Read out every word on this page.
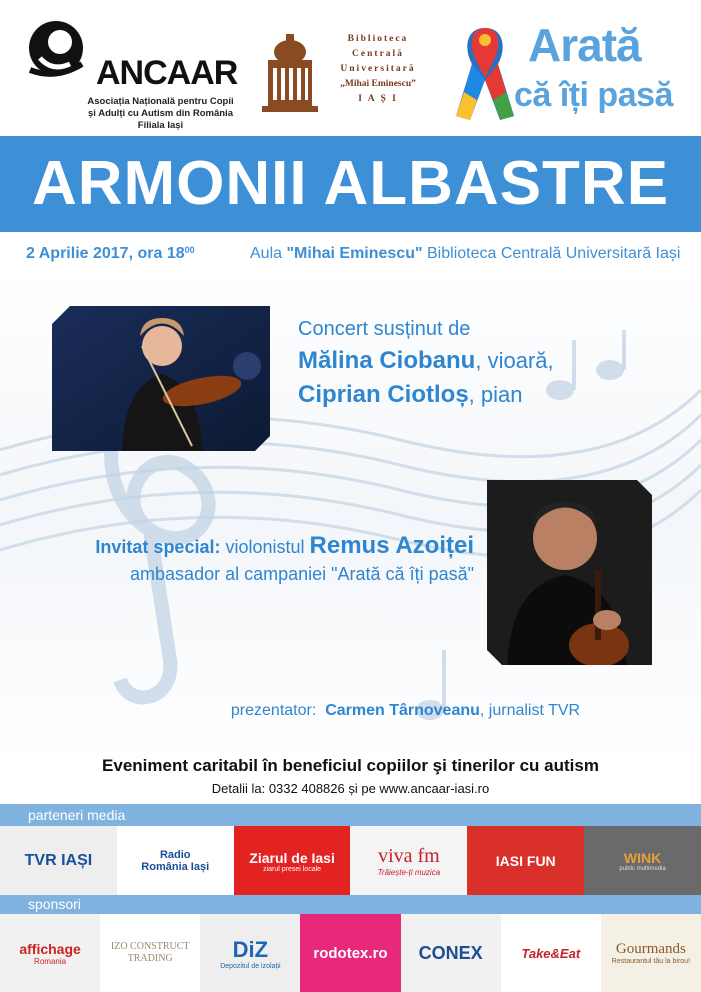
ANCAAR
Asociația Națională pentru Copii
și Adulți cu Autism din România
Filiala Iași
Biblioteca
Centrală
Universitară
„Mihai Eminescu”
I A Ș I
Arată
că îți pasă
ARMONII ALBASTRE
2 Aprilie 2017, ora $18^{00}$	Aula "Mihai Eminescu" Biblioteca Centrală Universitară Iași
Concert susținut de
Mălina Ciobanu, vioară,
Ciprian Ciotloș, pian
Invitat special: violonistul Remus Azoiței
ambasador al campaniei "Arată că îți pasă"
prezentator: Carmen Târnoveanu, jurnalist TVR
Eveniment caritabil în beneficiul copiilor şi tinerilor cu autism
Detalii la: 0332 408826 și pe www.ancaar-iasi.ro
parteneri media
TVR IAȘI	Radio România Iași
Ziarul de Iasi
ziarul presei locale
viva fm
Trăiește-ți muzica
IASI FUN	WINK
public multimedia
sponsori
affichage
Romania
IZO CONSTRUCT TRADING	DiZ
Depozitul de izolații
rodotex.ro CONEX	Take&Eat Gourmands
Restaurantul tău la birou!
